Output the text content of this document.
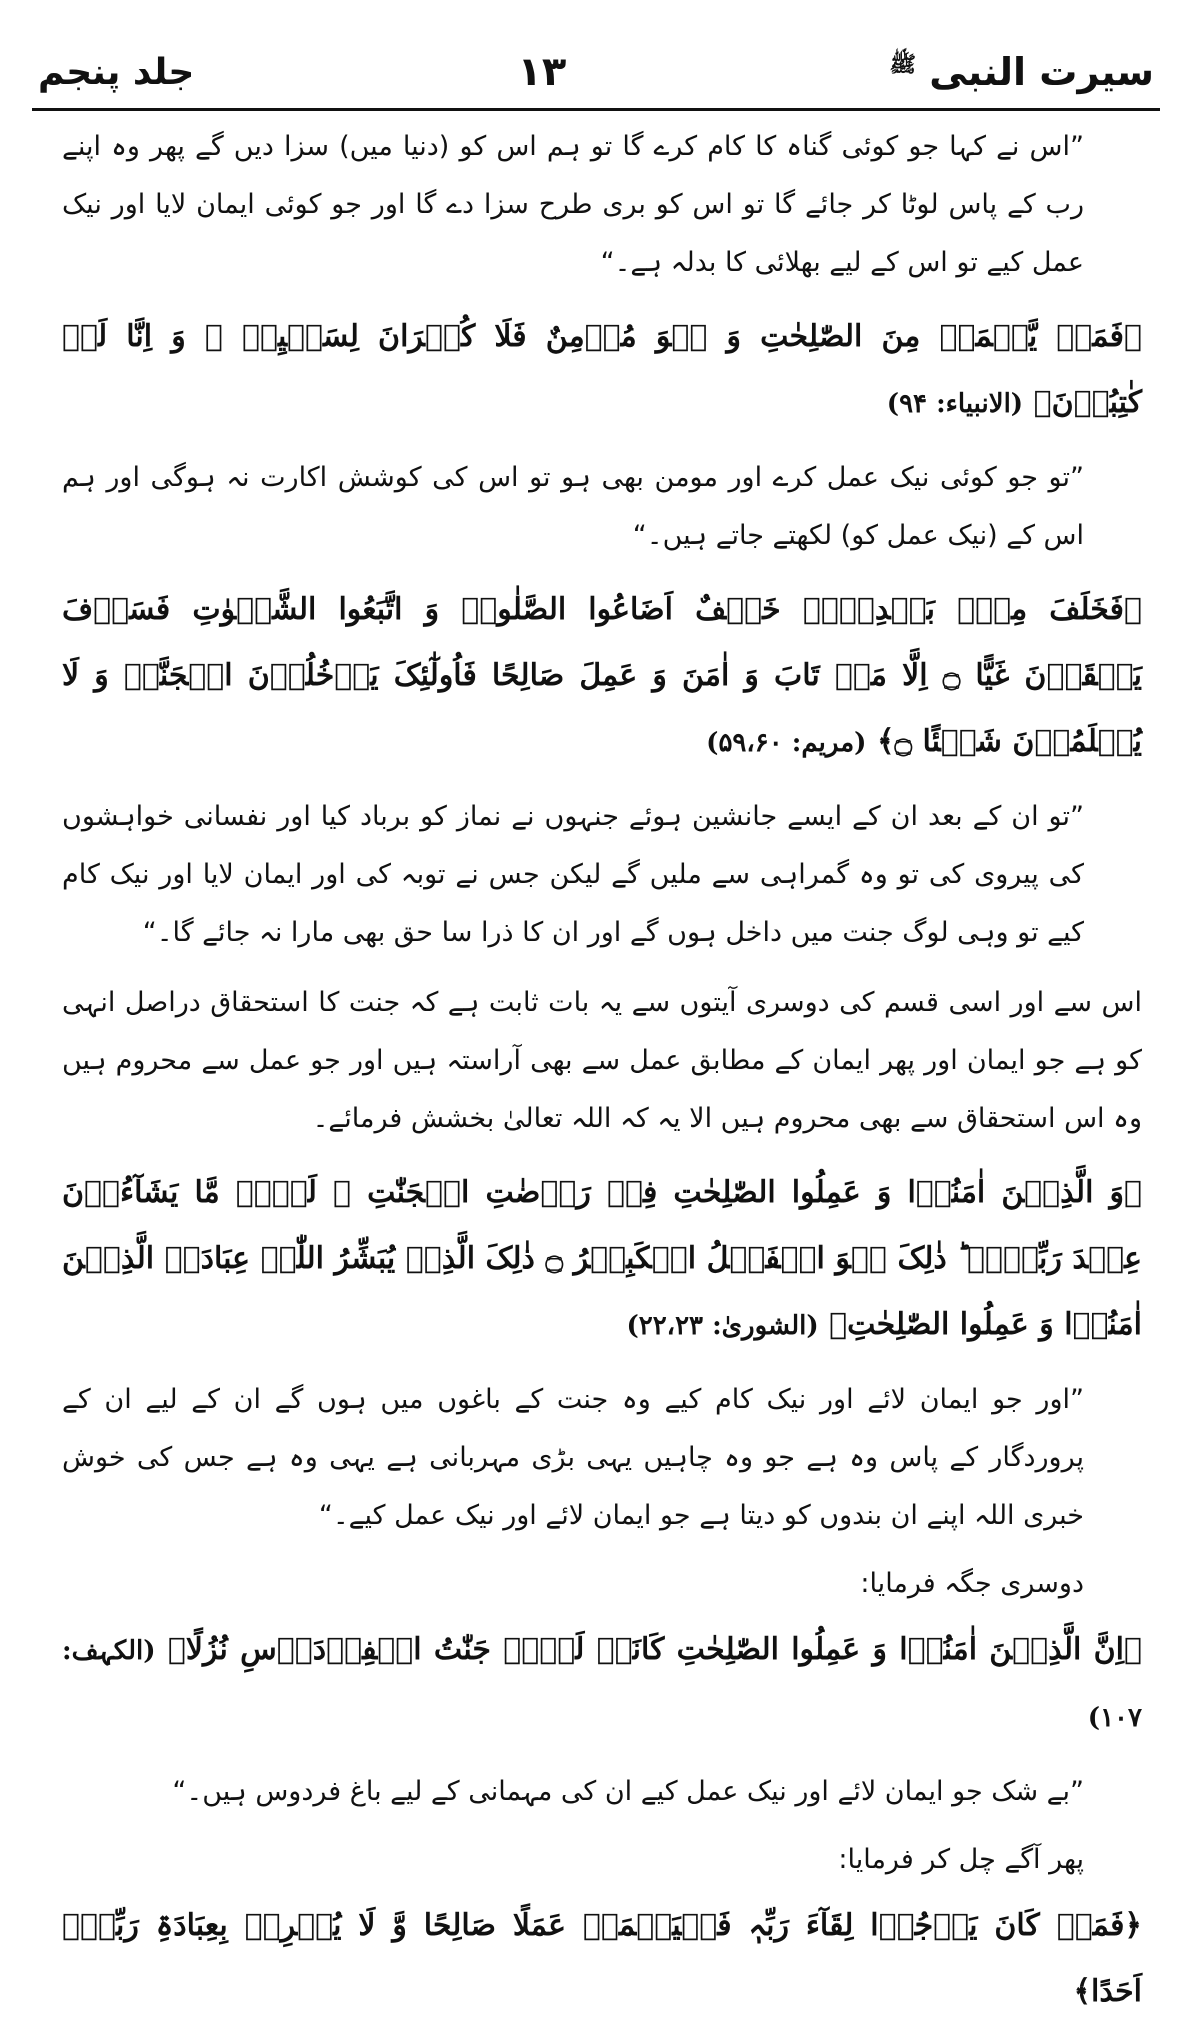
جلد پنجم	۱۳	سیرت النبی $^ﷺ$

”اس نے کہا جو کوئی گناہ کا کام کرے گا تو ہم اس کو (دنیا میں) سزا دیں گے پھر وہ اپنے رب کے پاس لوٹا کر جائے گا تو اس کو بری طرح سزا دے گا اور جو کوئی ایمان لایا اور نیک عمل کیے تو اس کے لیے بھلائی کا بدلہ ہے۔“

﴿فَمَنۡ یَّعۡمَلۡ مِنَ الصّٰلِحٰتِ وَ ہُوَ مُؤۡمِنٌ فَلَا کُفۡرَانَ لِسَعۡیِہٖ ۚ وَ اِنَّا لَہٗ کٰتِبُوۡنَ﴾ (الانبیاء: ۹۴)

”تو جو کوئی نیک عمل کرے اور مومن بھی ہو تو اس کی کوشش اکارت نہ ہوگی اور ہم اس کے (نیک عمل کو) لکھتے جاتے ہیں۔“

﴿فَخَلَفَ مِنۡۢ بَعۡدِہِمۡ خَلۡفٌ اَضَاعُوا الصَّلٰوۃَ وَ اتَّبَعُوا الشَّہَوٰتِ فَسَوۡفَ یَلۡقَوۡنَ غَیًّا ۝ اِلَّا مَنۡ تَابَ وَ اٰمَنَ وَ عَمِلَ صَالِحًا فَاُولٰٓئِکَ یَدۡخُلُوۡنَ الۡجَنَّۃَ وَ لَا یُظۡلَمُوۡنَ شَیۡئًا ۝﴾ (مریم: ۵۹،۶۰)

”تو ان کے بعد ان کے ایسے جانشین ہوئے جنہوں نے نماز کو برباد کیا اور نفسانی خواہشوں کی پیروی کی تو وہ گمراہی سے ملیں گے لیکن جس نے توبہ کی اور ایمان لایا اور نیک کام کیے تو وہی لوگ جنت میں داخل ہوں گے اور ان کا ذرا سا حق بھی مارا نہ جائے گا۔“

اس سے اور اسی قسم کی دوسری آیتوں سے یہ بات ثابت ہے کہ جنت کا استحقاق دراصل انہی کو ہے جو ایمان اور پھر ایمان کے مطابق عمل سے بھی آراستہ ہیں اور جو عمل سے محروم ہیں وہ اس استحقاق سے بھی محروم ہیں الا یہ کہ اللہ تعالیٰ بخشش فرمائے۔

﴿وَ الَّذِیۡنَ اٰمَنُوۡا وَ عَمِلُوا الصّٰلِحٰتِ فِیۡ رَوۡضٰتِ الۡجَنّٰتِ ۚ لَہُمۡ مَّا یَشَآءُوۡنَ عِنۡدَ رَبِّہِمۡ ؕ ذٰلِکَ ہُوَ الۡفَضۡلُ الۡکَبِیۡرُ ۝ ذٰلِکَ الَّذِیۡ یُبَشِّرُ اللّٰہُ عِبَادَہُ الَّذِیۡنَ اٰمَنُوۡا وَ عَمِلُوا الصّٰلِحٰتِ﴾ (الشوریٰ: ۲۲،۲۳)

”اور جو ایمان لائے اور نیک کام کیے وہ جنت کے باغوں میں ہوں گے ان کے لیے ان کے پروردگار کے پاس وہ ہے جو وہ چاہیں یہی بڑی مہربانی ہے یہی وہ ہے جس کی خوش خبری اللہ اپنے ان بندوں کو دیتا ہے جو ایمان لائے اور نیک عمل کیے۔“

دوسری جگہ فرمایا:

﴿اِنَّ الَّذِیۡنَ اٰمَنُوۡا وَ عَمِلُوا الصّٰلِحٰتِ کَانَتۡ لَہُمۡ جَنّٰتُ الۡفِرۡدَوۡسِ نُزُلًا﴾ (الکہف: ۱۰۷)

”بے شک جو ایمان لائے اور نیک عمل کیے ان کی مہمانی کے لیے باغ فردوس ہیں۔“

پھر آگے چل کر فرمایا:

﴿فَمَنۡ کَانَ یَرۡجُوۡا لِقَآءَ رَبِّہٖ فَلۡیَعۡمَلۡ عَمَلًا صَالِحًا وَّ لَا یُشۡرِکۡ بِعِبَادَۃِ رَبِّہٖۤ اَحَدًا﴾
